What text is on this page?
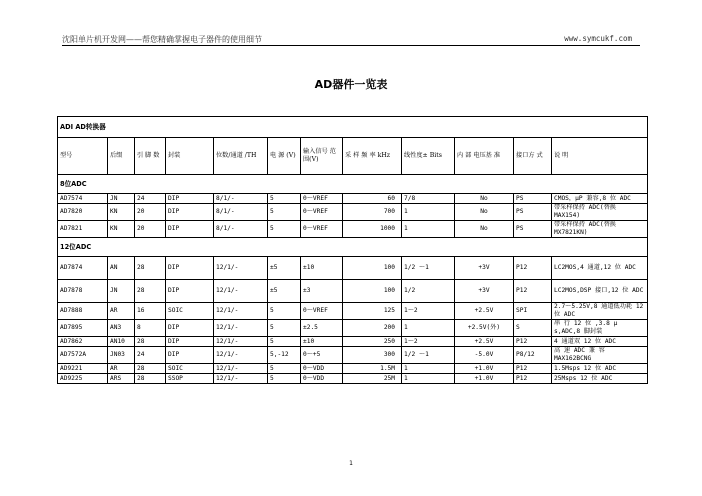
沈阳单片机开发网——帮您精确掌握电子器件的使用细节	www.symcukf.com
AD器件一览表
ADI AD转换器											
型号	后缀	引 脚 数	封装	位数/通道 /TH	电 源 (V)	输入信号 范围(V)	采 样 频 率 kHz	线性度± Bits	内 部 电压基 准	接口方 式	说 明
8位ADC											
AD7574	JN	24	DIP	8/1/-	5	0～VREF	60	7/8	No	PS	CMOS，μP 兼容,8 位 ADC
AD7820	KN	20	DIP	8/1/-	5	0～VREF	700	1	No	PS	带采样保持 ADC(替换 MAX154)
AD7821	KN	20	DIP	8/1/-	5	0～VREF	1000	1	No	PS	带采样保持 ADC(替换 MX7821KN)
12位ADC											
AD7874	AN	28	DIP	12/1/-	±5	±10	100	1/2 ～1	+3V	P12	LC2MOS,4 通道,12 位 ADC
AD7878	JN	28	DIP	12/1/-	±5	±3	100	1/2	+3V	P12	LC2MOS,DSP 接口,12 位 ADC
AD7888	AR	16	SOIC	12/1/-	5	0～VREF	125	1～2	+2.5V	SPI	2.7～5.25V,8 通道低功耗 12 位 ADC
AD7895	AN3	8	DIP	12/1/-	5	±2.5	200	1	+2.5V(外)	S	串 行 12 位 ,3.8 μ s,ADC,8 脚封装
AD7862	AN10	28	DIP	12/1/-	5	±10	250	1～2	+2.5V	P12	4 通道双 12 位 ADC
AD7572A	JN03	24	DIP	12/1/-	5,-12	0～+5	300	1/2 ～1	-5.0V	P8/12	高 速 ADC 兼 容 MAX162BCNG
AD9221	AR	28	SOIC	12/1/-	5	0～VDD	1.5M	1	+1.0V	P12	1.5Msps 12 位 ADC
AD9225	ARS	28	SSOP	12/1/-	5	0～VDD	25M	1	+1.0V	P12	25Msps 12 位 ADC
1
